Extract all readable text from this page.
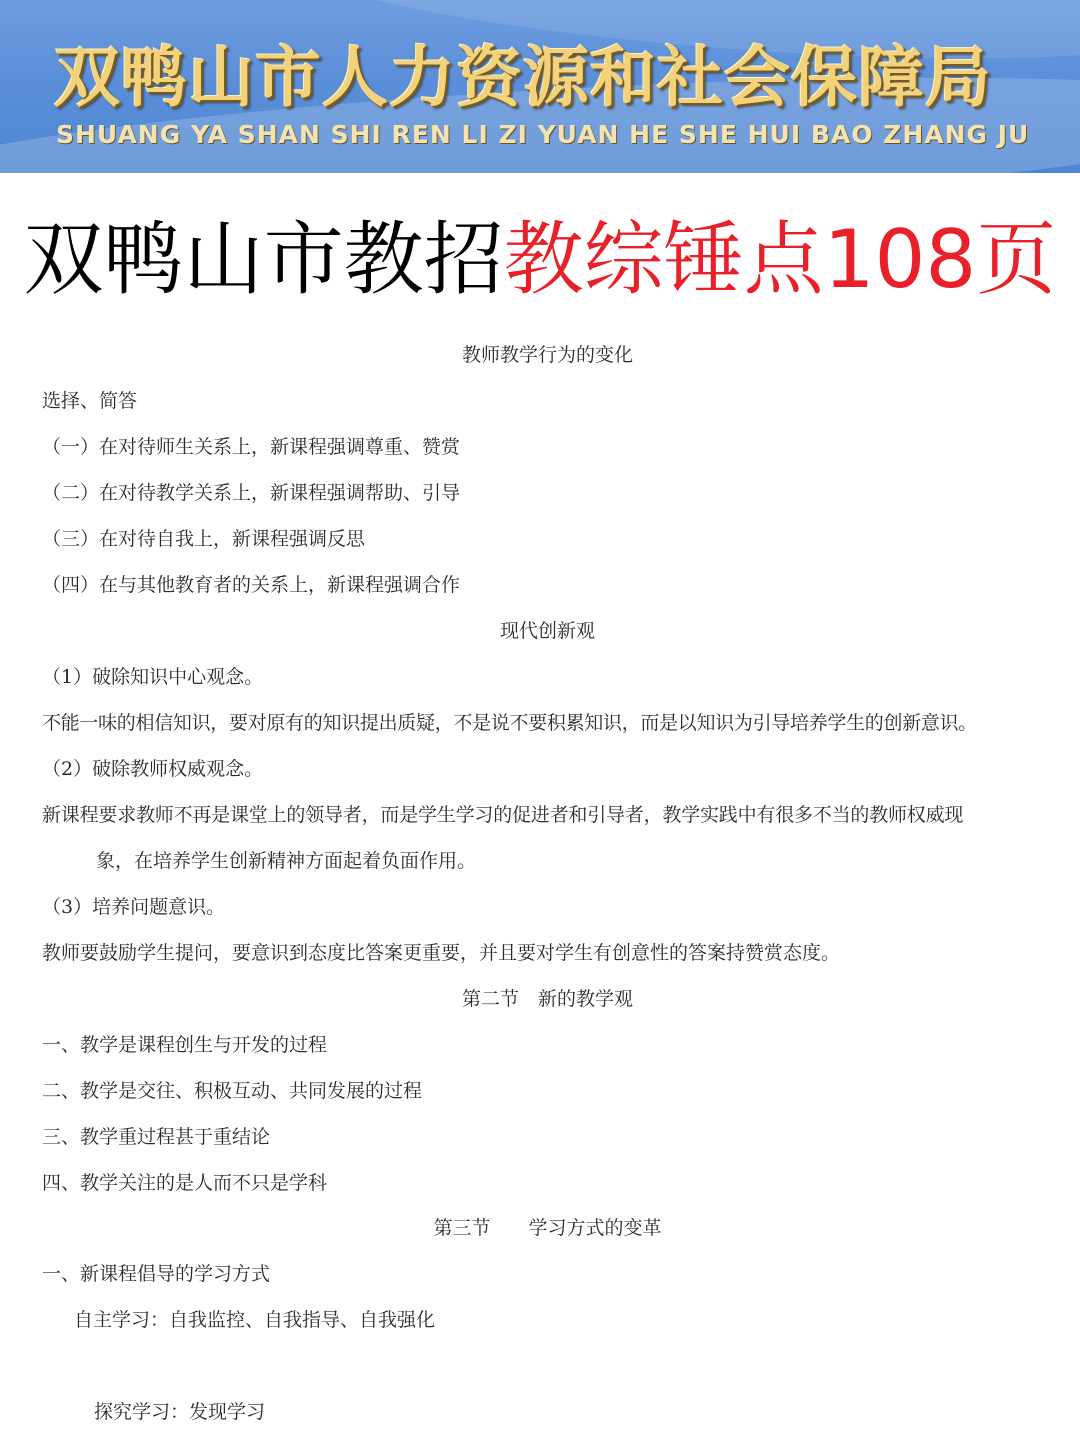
双鸭山市人力资源和社会保障局
SHUANG YA SHAN SHI REN LI ZI YUAN HE SHE HUI BAO ZHANG JU
双鸭山市教招教综锤点108页
教师教学行为的变化
选择、简答
（一）在对待师生关系上，新课程强调尊重、赞赏
（二）在对待教学关系上，新课程强调帮助、引导
（三）在对待自我上，新课程强调反思
（四）在与其他教育者的关系上，新课程强调合作
现代创新观
（1）破除知识中心观念。
不能一味的相信知识，要对原有的知识提出质疑，不是说不要积累知识，而是以知识为引导培养学生的创新意识。
（2）破除教师权威观念。
新课程要求教师不再是课堂上的领导者，而是学生学习的促进者和引导者，教学实践中有很多不当的教师权威现
象，在培养学生创新精神方面起着负面作用。
（3）培养问题意识。
教师要鼓励学生提问，要意识到态度比答案更重要，并且要对学生有创意性的答案持赞赏态度。
第二节　新的教学观
一、教学是课程创生与开发的过程
二、教学是交往、积极互动、共同发展的过程
三、教学重过程甚于重结论
四、教学关注的是人而不只是学科
第三节　　学习方式的变革
一、新课程倡导的学习方式
自主学习：自我监控、自我指导、自我强化
探究学习：发现学习
